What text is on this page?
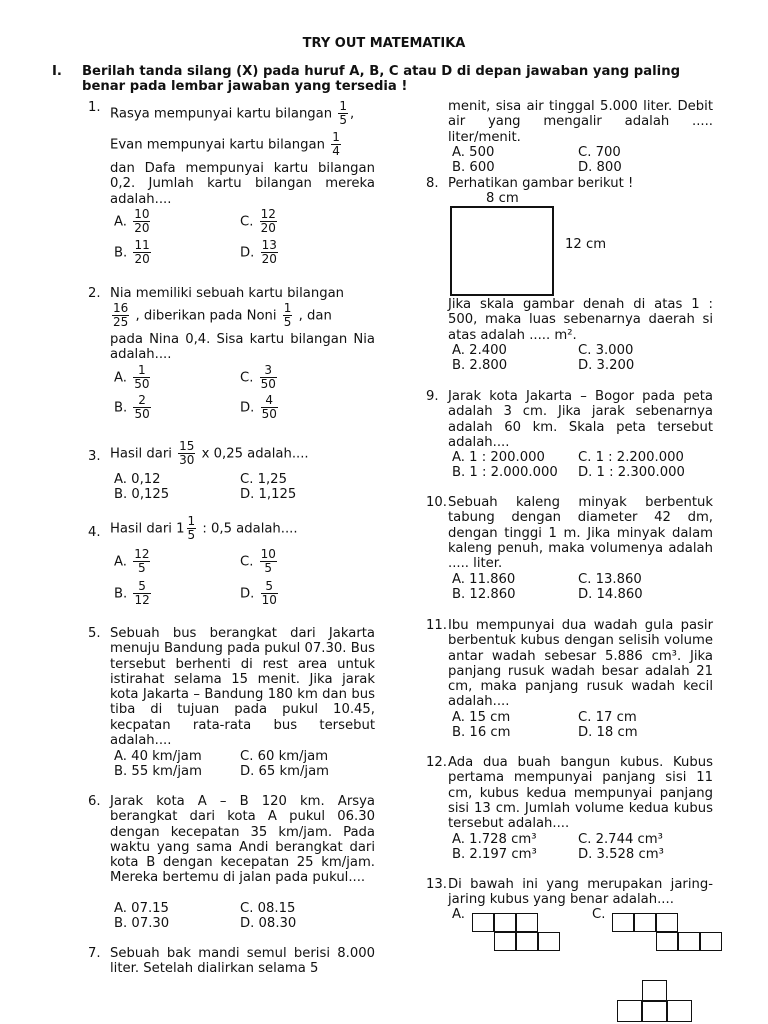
TRY OUT MATEMATIKA
I. Berilah tanda silang (X) pada huruf A, B, C atau D di depan jawaban yang paling benar pada lembar jawaban yang tersedia !
1. Rasya mempunyai kartu bilangan $\frac{1}{5}$ ,
Evan mempunyai kartu bilangan $\frac{1}{4}$
dan Dafa mempunyai kartu bilangan 0,2. Jumlah kartu bilangan mereka adalah....
A. $\frac{10}{20}$	C. $\frac{12}{20}$
B. $\frac{11}{20}$	D. $\frac{13}{20}$
2. Nia memiliki sebuah kartu bilangan
$\frac{16}{25}$ , diberikan pada Noni $\frac{1}{5}$ , dan
pada Nina 0,4. Sisa kartu bilangan Nia adalah....
A. $\frac{1}{50}$	C. $\frac{3}{50}$
B. $\frac{2}{50}$	D. $\frac{4}{50}$
3. Hasil dari $\frac{15}{30}$ x 0,25 adalah....
A. 0,12	C. 1,25
B. 0,125	D. 1,125
4. Hasil dari $1 \frac{1}{5}$ : 0,5 adalah....
A. $\frac{12}{5}$	C. $\frac{10}{5}$
B. $\frac{5}{12}$	D. $\frac{5}{10}$
5. Sebuah bus berangkat dari Jakarta menuju Bandung pada pukul 07.30. Bus tersebut berhenti di rest area untuk istirahat selama 15 menit. Jika jarak kota Jakarta – Bandung 180 km dan bus tiba di tujuan pada pukul 10.45, kecpatan rata-rata bus tersebut adalah....
A. 40 km/jam	C. 60 km/jam
B. 55 km/jam	D. 65 km/jam
6. Jarak kota A – B 120 km. Arsya berangkat dari kota A pukul 06.30 dengan kecepatan 35 km/jam. Pada waktu yang sama Andi berangkat dari kota B dengan kecepatan 25 km/jam. Mereka bertemu di jalan pada pukul....
A. 07.15	C. 08.15
B. 07.30	D. 08.30
7. Sebuah bak mandi semul berisi 8.000 liter. Setelah dialirkan selama 5
menit, sisa air tinggal 5.000 liter. Debit air yang mengalir adalah ..... liter/menit.
A. 500	C. 700
B. 600	D. 800
8. Perhatikan gambar berikut !
8 cm
12 cm
Jika skala gambar denah di atas 1 : 500, maka luas sebenarnya daerah si atas adalah ..... m².
A. 2.400	C. 3.000
B. 2.800	D. 3.200
9. Jarak kota Jakarta – Bogor pada peta adalah 3 cm. Jika jarak sebenarnya adalah 60 km. Skala peta tersebut adalah....
A. 1 : 200.000	C. 1 : 2.200.000
B. 1 : 2.000.000 D. 1 : 2.300.000
10. Sebuah kaleng minyak berbentuk tabung dengan diameter 42 dm, dengan tinggi 1 m. Jika minyak dalam kaleng penuh, maka volumenya adalah ..... liter.
A. 11.860	C. 13.860
B. 12.860	D. 14.860
11. Ibu mempunyai dua wadah gula pasir berbentuk kubus dengan selisih volume antar wadah sebesar 5.886 cm³. Jika panjang rusuk wadah besar adalah 21 cm, maka panjang rusuk wadah kecil adalah....
A. 15 cm	C. 17 cm
B. 16 cm	D. 18 cm
12. Ada dua buah bangun kubus. Kubus pertama mempunyai panjang sisi 11 cm, kubus kedua mempunyai panjang sisi 13 cm. Jumlah volume kedua kubus tersebut adalah....
A. 1.728 cm³	C. 2.744 cm³
B. 2.197 cm³	D. 3.528 cm³
13. Di bawah ini yang merupakan jaring-jaring kubus yang benar adalah....
A.	C.
